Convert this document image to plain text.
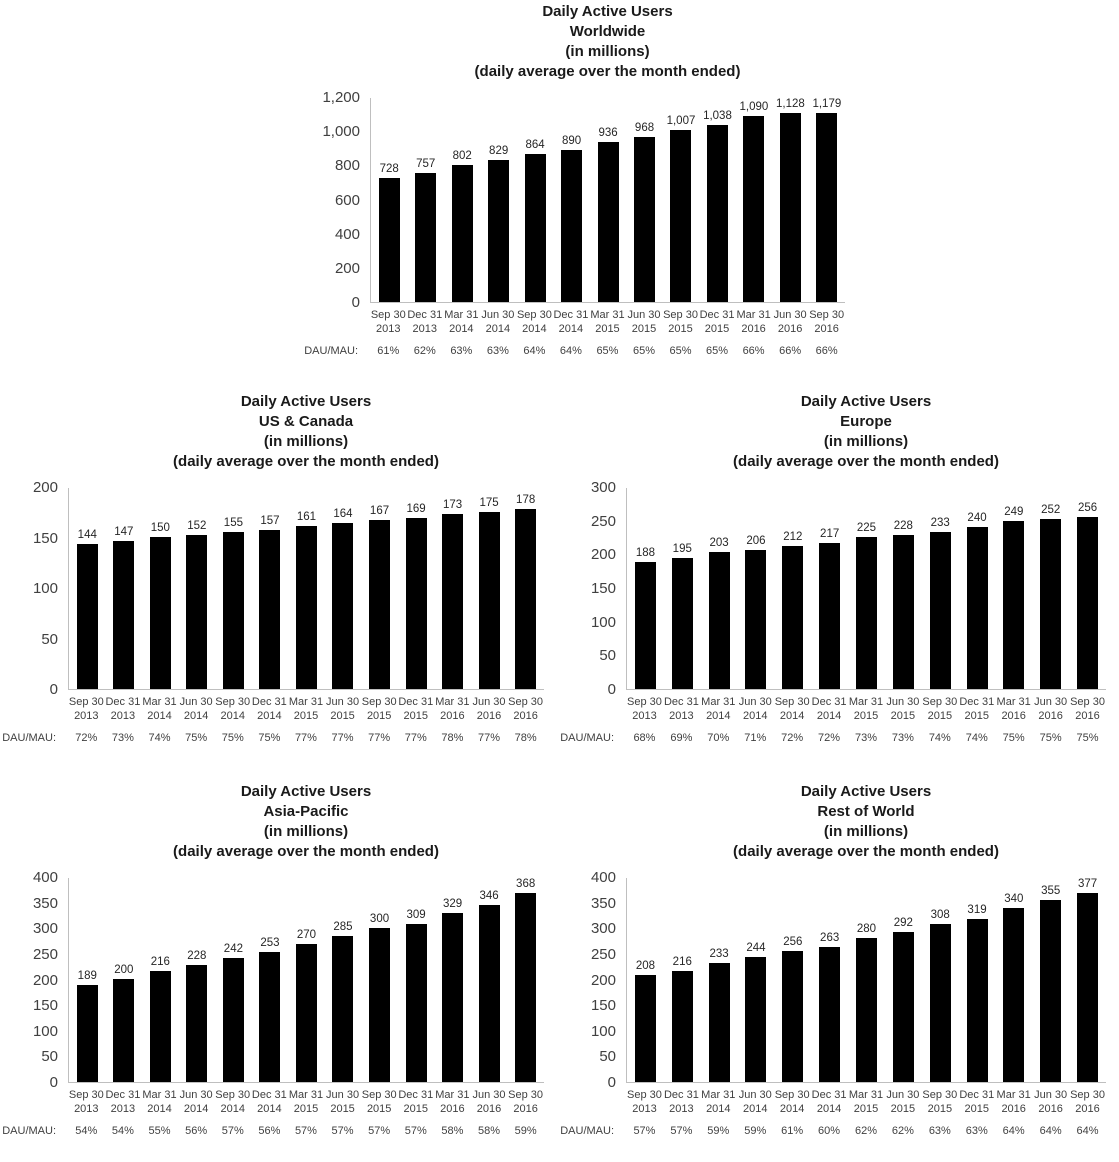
Daily Active Users
Worldwide
(in millions)
(daily average over the month ended)
0
200
400
600
800
1,000
1,200
728 757
802 829 864 890
936 968
1,007 1,038
1,090 1,128 1,179
Sep 30
2013
Dec 31
2013
Mar 31
2014
Jun 30
2014
Sep 30
2014
Dec 31
2014
Mar 31
2015
Jun 30
2015
Sep 30
2015
Dec 31
2015
Mar 31
2016
Jun 30
2016
Sep 30
2016
DAU/MAU:	61%	62%	63%	63%	64%	64%	65%	65%	65%	65%	66%	66%	66%
Daily Active Users
US & Canada
(in millions)
(daily average over the month ended)
0
50
100
150
200
144 147 150 152 155 157 161 164 167 169 173 175 178
Sep 30
2013
Dec 31
2013
Mar 31
2014
Jun 30
2014
Sep 30
2014
Dec 31
2014
Mar 31
2015
Jun 30
2015
Sep 30
2015
Dec 31
2015
Mar 31
2016
Jun 30
2016
Sep 30
2016
DAU/MAU:	72%	73%	74%	75%	75%	75%	77%	77%	77%	77%	78%	77%	78%
Daily Active Users
Europe
(in millions)
(daily average over the month ended)
0
50
100
150
200
250
300
188 195 203 206 212 217 225 228 233 240 249 252 256
Sep 30
2013
Dec 31
2013
Mar 31
2014
Jun 30
2014
Sep 30
2014
Dec 31
2014
Mar 31
2015
Jun 30
2015
Sep 30
2015
Dec 31
2015
Mar 31
2016
Jun 30
2016
Sep 30
2016
DAU/MAU:	68%	69%	70%	71%	72%	72%	73%	73%	74%	74%	75%	75%	75%
Daily Active Users
Asia-Pacific
(in millions)
(daily average over the month ended)
0
50
100
150
200
250
300
350
400
189 200
216 228
242 253
270
285
300 309
329
346
368
Sep 30
2013
Dec 31
2013
Mar 31
2014
Jun 30
2014
Sep 30
2014
Dec 31
2014
Mar 31
2015
Jun 30
2015
Sep 30
2015
Dec 31
2015
Mar 31
2016
Jun 30
2016
Sep 30
2016
DAU/MAU:	54%	54%	55%	56%	57%	56%	57%	57%	57%	57%	58%	58%	59%
Daily Active Users
Rest of World
(in millions)
(daily average over the month ended)
0
50
100
150
200
250
300
350
400
208 216
233 244 256 263
280 292
308 319
340
355
377
Sep 30
2013
Dec 31
2013
Mar 31
2014
Jun 30
2014
Sep 30
2014
Dec 31
2014
Mar 31
2015
Jun 30
2015
Sep 30
2015
Dec 31
2015
Mar 31
2016
Jun 30
2016
Sep 30
2016
DAU/MAU:	57%	57%	59%	59%	61%	60%	62%	62%	63%	63%	64%	64%	64%
